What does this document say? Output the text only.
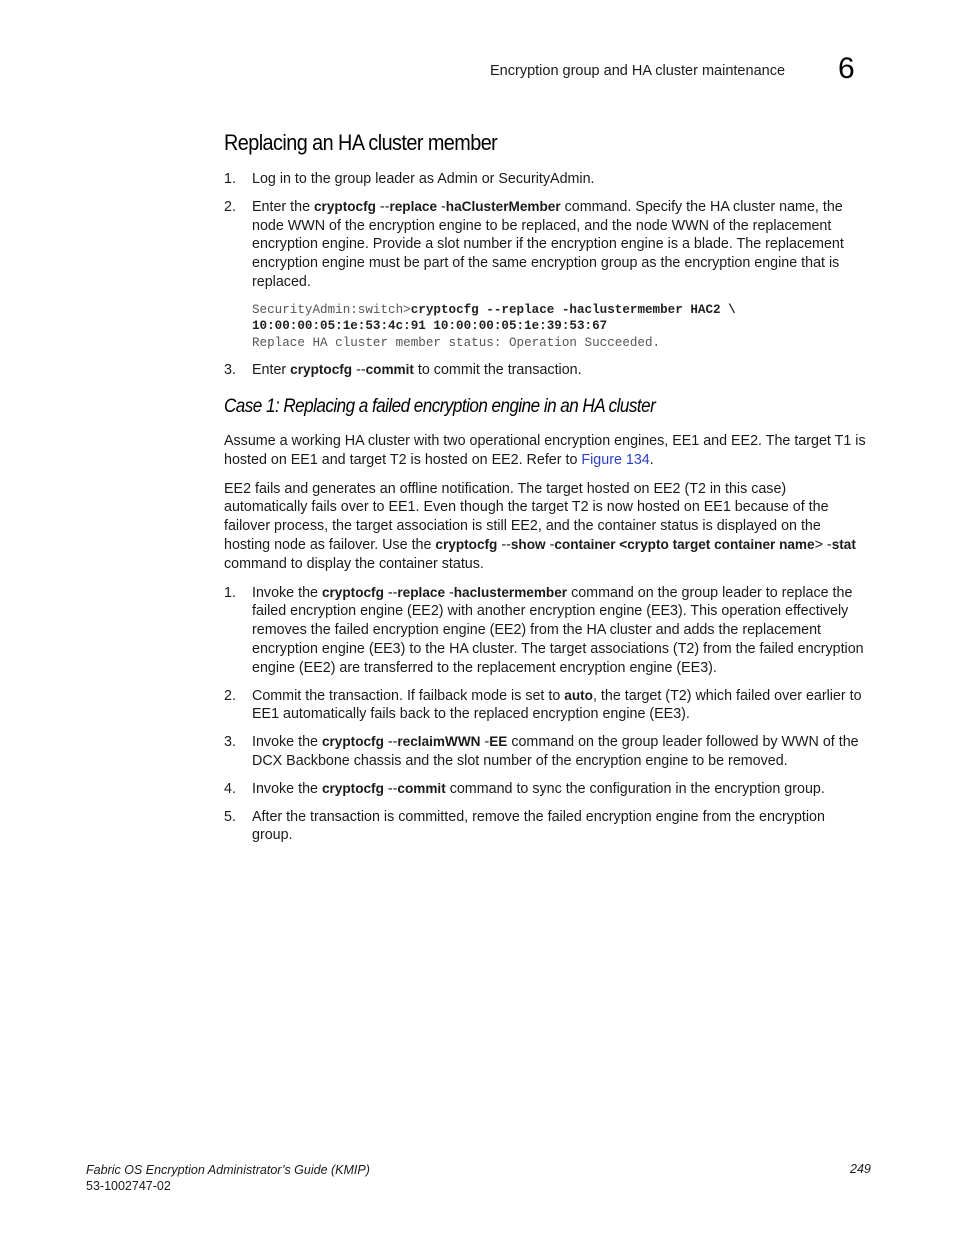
Encryption group and HA cluster maintenance 6
Replacing an HA cluster member
1. Log in to the group leader as Admin or SecurityAdmin.
2. Enter the cryptocfg --replace -haClusterMember command. Specify the HA cluster name, the node WWN of the encryption engine to be replaced, and the node WWN of the replacement encryption engine. Provide a slot number if the encryption engine is a blade. The replacement encryption engine must be part of the same encryption group as the encryption engine that is replaced.
SecurityAdmin:switch>cryptocfg --replace -haclustermember HAC2 \
10:00:00:05:1e:53:4c:91 10:00:00:05:1e:39:53:67
Replace HA cluster member status: Operation Succeeded.
3. Enter cryptocfg --commit to commit the transaction.
Case 1: Replacing a failed encryption engine in an HA cluster

Assume a working HA cluster with two operational encryption engines, EE1 and EE2. The target T1 is hosted on EE1 and target T2 is hosted on EE2. Refer to Figure 134.

EE2 fails and generates an offline notification. The target hosted on EE2 (T2 in this case) automatically fails over to EE1. Even though the target T2 is now hosted on EE1 because of the failover process, the target association is still EE2, and the container status is displayed on the hosting node as failover. Use the cryptocfg --show -container <crypto target container name> -stat command to display the container status.

1. Invoke the cryptocfg --replace -haclustermember command on the group leader to replace the failed encryption engine (EE2) with another encryption engine (EE3). This operation effectively removes the failed encryption engine (EE2) from the HA cluster and adds the replacement encryption engine (EE3) to the HA cluster. The target associations (T2) from the failed encryption engine (EE2) are transferred to the replacement encryption engine (EE3).
2. Commit the transaction. If failback mode is set to auto, the target (T2) which failed over earlier to EE1 automatically fails back to the replaced encryption engine (EE3).
3. Invoke the cryptocfg --reclaimWWN -EE command on the group leader followed by WWN of the DCX Backbone chassis and the slot number of the encryption engine to be removed.
4. Invoke the cryptocfg --commit command to sync the configuration in the encryption group.
5. After the transaction is committed, remove the failed encryption engine from the encryption group.
Fabric OS Encryption Administrator’s Guide (KMIP)
53-1002747-02
249
